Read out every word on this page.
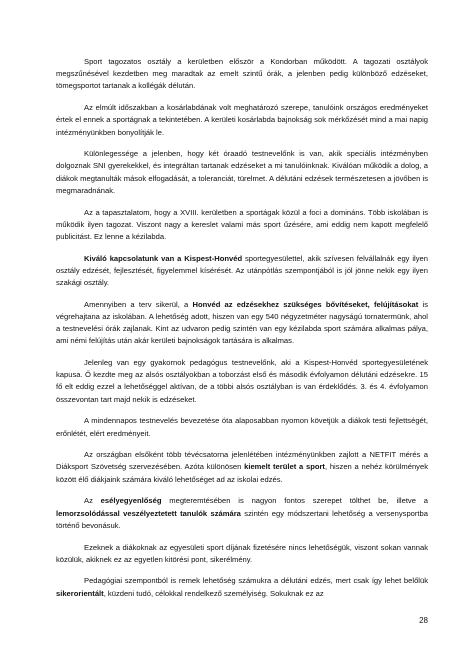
Sport tagozatos osztály a kerületben először a Kondorban működött. A tagozati osztályok megszűnésével kezdetben meg maradtak az emelt szintű órák, a jelenben pedig különböző edzéseket, tömegsportot tartanak a kollégák délután.

Az elmúlt időszakban a kosárlabdának volt meghatározó szerepe, tanulóink országos eredményeket értek el ennek a sportágnak a tekintetében. A kerületi kosárlabda bajnokság sok mérkőzését mind a mai napig intézményünkben bonyolítják le.

Különlegessége a jelenben, hogy két óraadó testnevelőnk is van, akik speciális intézményben dolgoznak SNI gyerekekkel, és integráltan tartanak edzéseket a mi tanulóinknak. Kiválóan működik a dolog, a diákok megtanulták mások elfogadását, a toleranciát, türelmet. A délutáni edzések természetesen a jövőben is megmaradnának.

Az a tapasztalatom, hogy a XVIII. kerületben a sportágak közül a foci a domináns. Több iskolában is működik ilyen tagozat. Viszont nagy a kereslet valami más sport űzésére, ami eddig nem kapott megfelelő publicitást. Ez lenne a kézilabda.

Kiváló kapcsolatunk van a Kispest-Honvéd sportegyesülettel, akik szívesen felvállalnák egy ilyen osztály edzését, fejlesztését, figyelemmel kísérését. Az utánpótlás szempontjából is jól jönne nekik egy ilyen szakági osztály.

Amennyiben a terv sikerül, a Honvéd az edzésekhez szükséges bővítéseket, felújításokat is végrehajtana az iskolában. A lehetőség adott, hiszen van egy 540 négyzetméter nagyságú tornatermünk, ahol a testnevelési órák zajlanak. Kint az udvaron pedig szintén van egy kézilabda sport számára alkalmas pálya, ami némi felújítás után akár kerületi bajnokságok tartására is alkalmas.

Jelenleg van egy gyakornok pedagógus testnevelőnk, aki a Kispest-Honvéd sportegyesületének kapusa. Ő kezdte meg az alsós osztályokban a toborzást első és második évfolyamon délutáni edzésekre. 15 fő elt eddig ezzel a lehetőséggel aktívan, de a többi alsós osztályban is van érdeklődés. 3. és 4. évfolyamon összevontan tart majd nekik is edzéseket.

A mindennapos testnevelés bevezetése óta alaposabban nyomon követjük a diákok testi fejlettségét, erőnlétét, elért eredményeit.

Az országban elsőként több tévécsatorna jelenlétében intézményünkben zajlott a NETFIT mérés a Diáksport Szövetség szervezésében. Azóta különösen kiemelt terület a sport, hiszen a nehéz körülmények között élő diákjaink számára kiváló lehetőséget ad az iskolai edzés.

Az esélyegyenlőség megteremtésében is nagyon fontos szerepet tölthet be, illetve a lemorzsolódással veszélyeztetett tanulók számára szintén egy módszertani lehetőség a versenysportba történő bevonásuk.

Ezeknek a diákoknak az egyesületi sport díjának fizetésére nincs lehetőségük, viszont sokan vannak közülük, akiknek ez az egyetlen kitörési pont, sikerélmény.

Pedagógiai szempontból is remek lehetőség számukra a délutáni edzés, mert csak így lehet belőlük sikerorientált, küzdeni tudó, célokkal rendelkező személyiség. Sokuknak ez az

28
